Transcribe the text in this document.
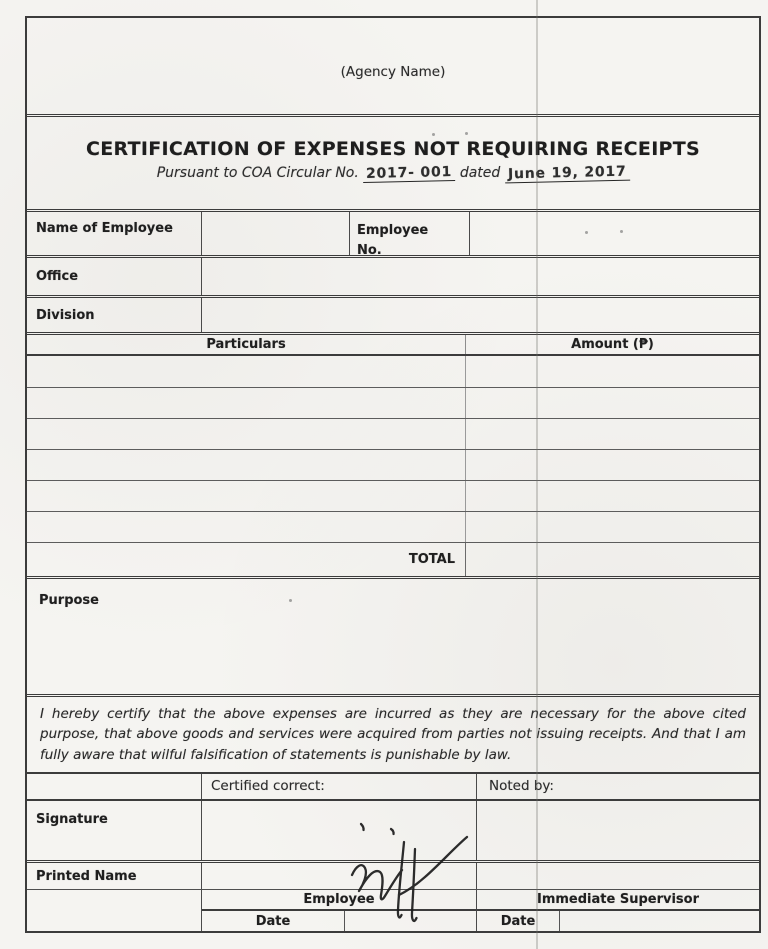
(Agency Name)
CERTIFICATION OF EXPENSES NOT REQUIRING RECEIPTS
Pursuant to COA Circular No. 2017- 001 dated June 19, 2017
Name of Employee	Employee
No.
Office
Division
Particulars	Amount (₱)
TOTAL
Purpose

I hereby certify that the above expenses are incurred as they are necessary for the above cited purpose, that above goods and services were acquired from parties not issuing receipts. And that I am fully aware that wilful falsification of statements is punishable by law.

Certified correct:	Noted by:
Signature
Printed Name
Employee	Immediate Supervisor
Date	Date
